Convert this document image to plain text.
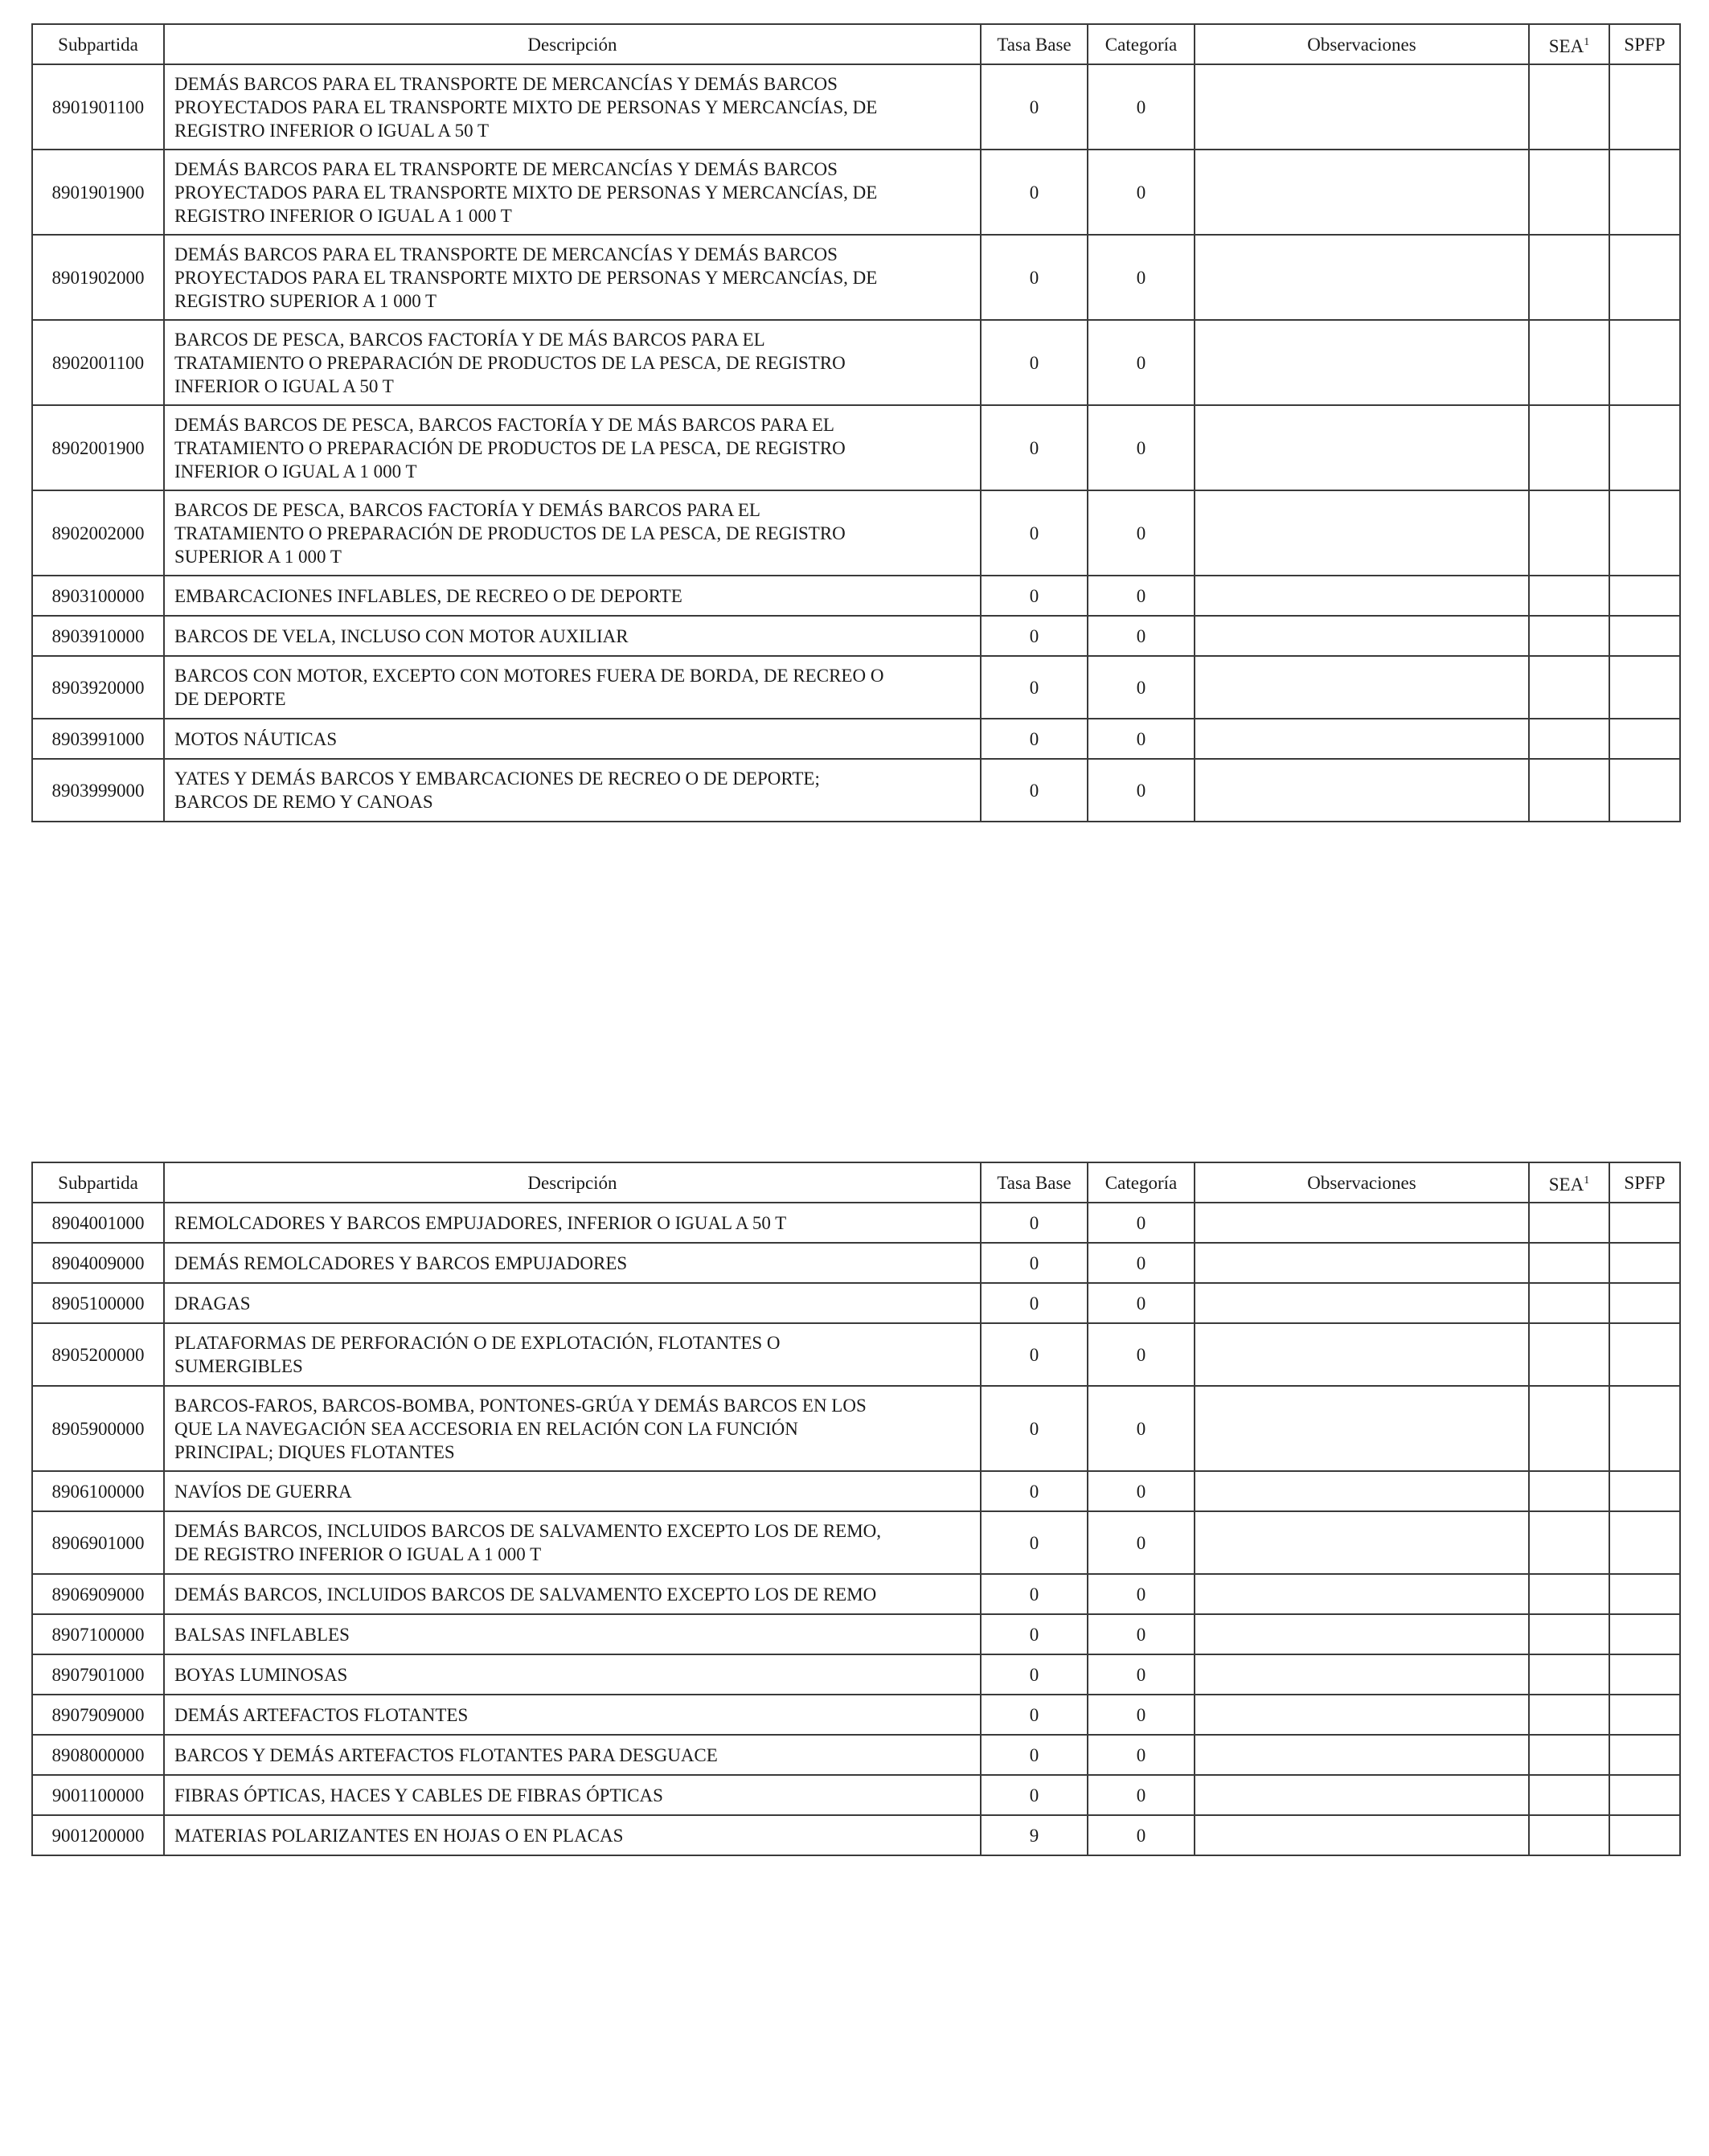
Subpartida	Descripción	Tasa Base	Categoría	Observaciones	SEA$^1$	SPFP
8901901100	DEMÁS BARCOS PARA EL TRANSPORTE DE MERCANCÍAS Y DEMÁS BARCOS
PROYECTADOS PARA EL TRANSPORTE MIXTO DE PERSONAS Y MERCANCÍAS, DE
REGISTRO INFERIOR O IGUAL A 50 T	0	0			
8901901900	DEMÁS BARCOS PARA EL TRANSPORTE DE MERCANCÍAS Y DEMÁS BARCOS
PROYECTADOS PARA EL TRANSPORTE MIXTO DE PERSONAS Y MERCANCÍAS, DE
REGISTRO INFERIOR O IGUAL A 1 000 T	0	0			
8901902000	DEMÁS BARCOS PARA EL TRANSPORTE DE MERCANCÍAS Y DEMÁS BARCOS
PROYECTADOS PARA EL TRANSPORTE MIXTO DE PERSONAS Y MERCANCÍAS, DE
REGISTRO SUPERIOR A 1 000 T	0	0			
8902001100	BARCOS DE PESCA, BARCOS FACTORÍA Y DE MÁS BARCOS PARA EL
TRATAMIENTO O PREPARACIÓN DE PRODUCTOS DE LA PESCA, DE REGISTRO
INFERIOR O IGUAL A 50 T	0	0			
8902001900	DEMÁS BARCOS DE PESCA, BARCOS FACTORÍA Y DE MÁS BARCOS PARA EL
TRATAMIENTO O PREPARACIÓN DE PRODUCTOS DE LA PESCA, DE REGISTRO
INFERIOR O IGUAL A 1 000 T	0	0			
8902002000	BARCOS DE PESCA, BARCOS FACTORÍA Y DEMÁS BARCOS PARA EL
TRATAMIENTO O PREPARACIÓN DE PRODUCTOS DE LA PESCA, DE REGISTRO
SUPERIOR A 1 000 T	0	0			
8903100000	EMBARCACIONES INFLABLES, DE RECREO O DE DEPORTE	0	0			
8903910000	BARCOS DE VELA, INCLUSO CON MOTOR AUXILIAR	0	0			
8903920000	BARCOS CON MOTOR, EXCEPTO CON MOTORES FUERA DE BORDA, DE RECREO O
DE DEPORTE	0	0			
8903991000	MOTOS NÁUTICAS	0	0			
8903999000	YATES Y DEMÁS BARCOS Y EMBARCACIONES DE RECREO O DE DEPORTE;
BARCOS DE REMO Y CANOAS	0	0			
Subpartida	Descripción	Tasa Base	Categoría	Observaciones	SEA$^1$	SPFP
8904001000	REMOLCADORES Y BARCOS EMPUJADORES, INFERIOR O IGUAL A 50 T	0	0			
8904009000	DEMÁS REMOLCADORES Y BARCOS EMPUJADORES	0	0			
8905100000	DRAGAS	0	0			
8905200000	PLATAFORMAS DE PERFORACIÓN O DE EXPLOTACIÓN, FLOTANTES O
SUMERGIBLES	0	0			
8905900000	BARCOS-FAROS, BARCOS-BOMBA, PONTONES-GRÚA Y DEMÁS BARCOS EN LOS
QUE LA NAVEGACIÓN SEA ACCESORIA EN RELACIÓN CON LA FUNCIÓN
PRINCIPAL; DIQUES FLOTANTES	0	0			
8906100000	NAVÍOS DE GUERRA	0	0			
8906901000	DEMÁS BARCOS, INCLUIDOS BARCOS DE SALVAMENTO EXCEPTO LOS DE REMO,
DE REGISTRO INFERIOR O IGUAL A 1 000 T	0	0			
8906909000	DEMÁS BARCOS, INCLUIDOS BARCOS DE SALVAMENTO EXCEPTO LOS DE REMO	0	0			
8907100000	BALSAS INFLABLES	0	0			
8907901000	BOYAS LUMINOSAS	0	0			
8907909000	DEMÁS ARTEFACTOS FLOTANTES	0	0			
8908000000	BARCOS Y DEMÁS ARTEFACTOS FLOTANTES PARA DESGUACE	0	0			
9001100000	FIBRAS ÓPTICAS, HACES Y CABLES DE FIBRAS ÓPTICAS	0	0			
9001200000	MATERIAS POLARIZANTES EN HOJAS O EN PLACAS	9	0			
